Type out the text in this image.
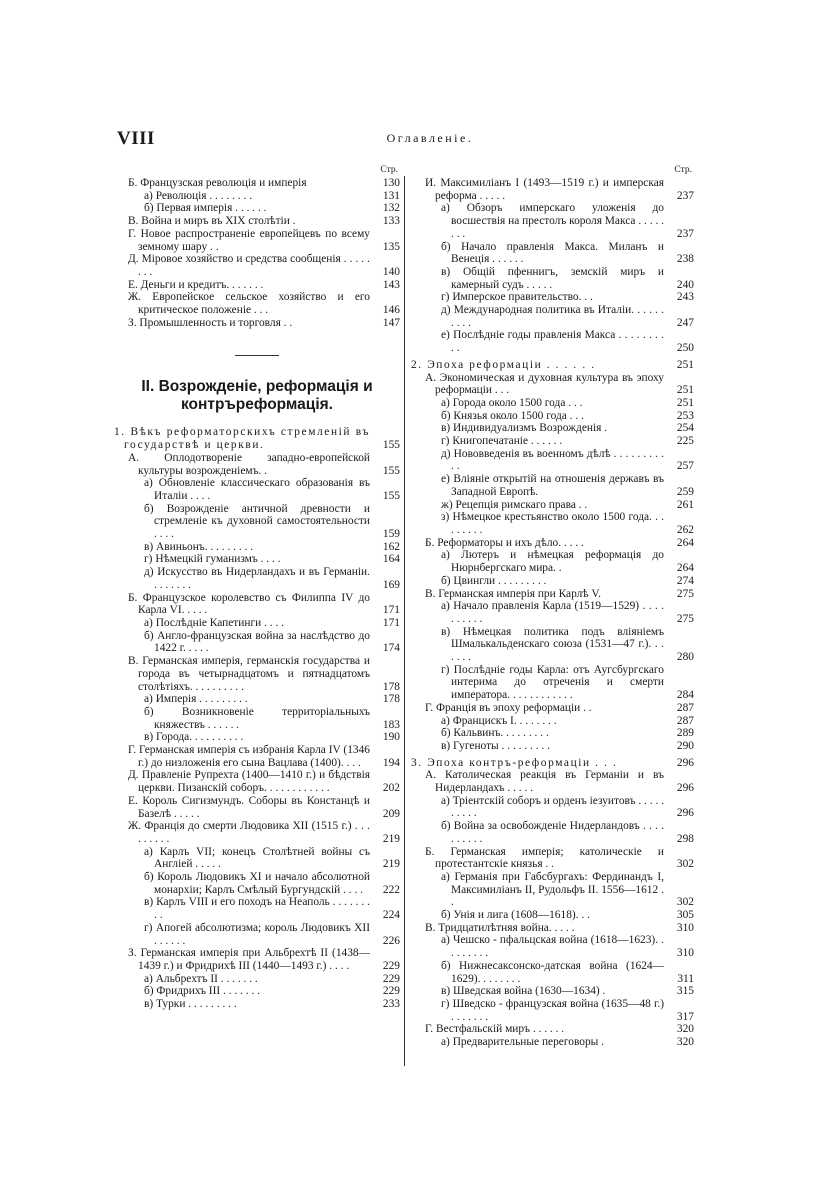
VIII	Оглавленіе.
Стр.
Б. Французская революція и имперія	130
а) Революція . . . . . . . .	131
б) Первая имперія . . . . . .	132
В. Война и миръ въ XIX столѣтіи .	133
Г. Новое распространеніе европейцевъ по всему земному шару . .	135
Д. Міровое хозяйство и средства сообщенія . . . . . . . .	140
Е. Деньги и кредитъ. . . . . . .	143
Ж. Европейское сельское хозяйство и его критическое положеніе . . .	146
З. Промышленность и торговля . .	147
II. Возрожденіе, реформація и контръреформація.
1. Вѣкъ реформаторскихъ стремленій въ государствѣ и церкви.	155
А. Оплодотвореніе западно-европейской культуры возрожденіемъ. .	155
а) Обновленіе классическаго образованія въ Италіи . . . .	155
б) Возрожденіе античной древности и стремленіе къ духовной самостоятельности . . . .	159
в) Авиньонъ. . . . . . . . .	162
г) Нѣмецкій гуманизмъ . . . .	164
д) Искусство въ Нидерландахъ и въ Германіи. . . . . . . .	169
Б. Французское королевство съ Филиппа IV до Карла VI. . . . .	171
а) Послѣдніе Капетинги . . . .	171
б) Англо-французская война за наслѣдство до 1422 г. . . . .	174
В. Германская имперія, германскія государства и города въ четырнадцатомъ и пятнадцатомъ столѣтіяхъ. . . . . . . . . .	178
а) Имперія . . . . . . . . .	178
б) Возникновеніе территоріальныхъ княжествъ . . . . . .	183
в) Города. . . . . . . . . .	190
Г. Германская имперія съ избранія Карла IV (1346 г.) до низложенія его сына Вацлава (1400). . . .	194
Д. Правленіе Рупрехта (1400—1410 г.) и бѣдствія церкви. Пизанскій соборъ. . . . . . . . . . . .	202
Е. Король Сигизмундъ. Соборы въ Констанцѣ и Базелѣ . . . . .	209
Ж. Франція до смерти Людовика XII (1515 г.) . . . . . . . . .	219
а) Карлъ VII; конецъ Столѣтней войны съ Англіей . . . . .	219
б) Король Людовикъ XI и начало абсолютной монархіи; Карлъ Смѣлый Бургундскій . . . .	222
в) Карлъ VIII и его походъ на Неаполь . . . . . . . . .	224
г) Апогей абсолютизма; король Людовикъ XII . . . . . .	226
З. Германская имперія при Альбрехтѣ II (1438—1439 г.) и Фридрихѣ III (1440—1493 г.) . . . .	229
а) Альбрехтъ II . . . . . . .	229
б) Фридрихъ III . . . . . . .	229
в) Турки . . . . . . . . .	233
Стр.
И. Максимиліанъ I (1493—1519 г.) и имперская реформа . . . . .	237
а) Обзоръ имперскаго уложенія до восшествія на престолъ короля Макса . . . . . . . .	237
б) Начало правленія Макса. Миланъ и Венеція . . . . . .	238
в) Общій пфеннигъ, земскій миръ и камерный судъ . . . . .	240
г) Имперское правительство. . .	243
д) Международная политика въ Италіи. . . . . . . . . .	247
е) Послѣдніе годы правленія Макса . . . . . . . . . .	250
2. Эпоха реформаціи . . . . . .	251
А. Экономическая и духовная культура въ эпоху реформаціи . . .	251
а) Города около 1500 года . . .	251
б) Князья около 1500 года . . .	253
в) Индивидуализмъ Возрожденія .	254
г) Книгопечатаніе . . . . . .	225
д) Нововведенія въ военномъ дѣлѣ . . . . . . . . . . .	257
е) Вліяніе открытій на отношенія державъ въ Западной Европѣ.	259
ж) Рецепція римскаго права . .	261
з) Нѣмецкое крестьянство около 1500 года. . . . . . . . .	262
Б. Реформаторы и ихъ дѣло. . . . .	264
а) Лютеръ и нѣмецкая реформація до Нюрнбергскаго мира. .	264
б) Цвингли . . . . . . . . .	274
В. Германская имперія при Карлѣ V.	275
а) Начало правленія Карла (1519—1529) . . . . . . . . . .	275
в) Нѣмецкая политика подъ вліяніемъ Шмалькальденскаго союза (1531—47 г.). . . . . . .	280
г) Послѣдніе годы Карла: отъ Аугсбургскаго интерима до отреченія и смерти императора. . . . . . . . . . . .	284
Г. Франція въ эпоху реформаціи . .	287
а) Францискъ I. . . . . . . .	287
б) Кальвинъ. . . . . . . . .	289
в) Гугеноты . . . . . . . . .	290
3. Эпоха контръ-реформаціи . . .	296
А. Католическая реакція въ Германіи и въ Нидерландахъ . . . . .	296
а) Тріентскій соборъ и орденъ іезуитовъ . . . . . . . . . .	296
б) Война за освобожденіе Нидерландовъ . . . . . . . . . .	298
Б. Германская имперія; католическіе и протестантскіе князья . .	302
а) Германія при Габсбургахъ: Фердинандъ I, Максимиліанъ II, Рудольфъ II. 1556—1612 . .	302
б) Унія и лига (1608—1618). . .	305
В. Тридцатилѣтняя война. . . . .	310
а) Чешско - пфальцская война (1618—1623). . . . . . . . .	310
б) Нижнесаксонско-датская война (1624—1629). . . . . . . .	311
в) Шведская война (1630—1634) .	315
г) Шведско - французская война (1635—48 г.) . . . . . . .	317
Г. Вестфальскій миръ . . . . . .	320
а) Предварительные переговоры .	320
